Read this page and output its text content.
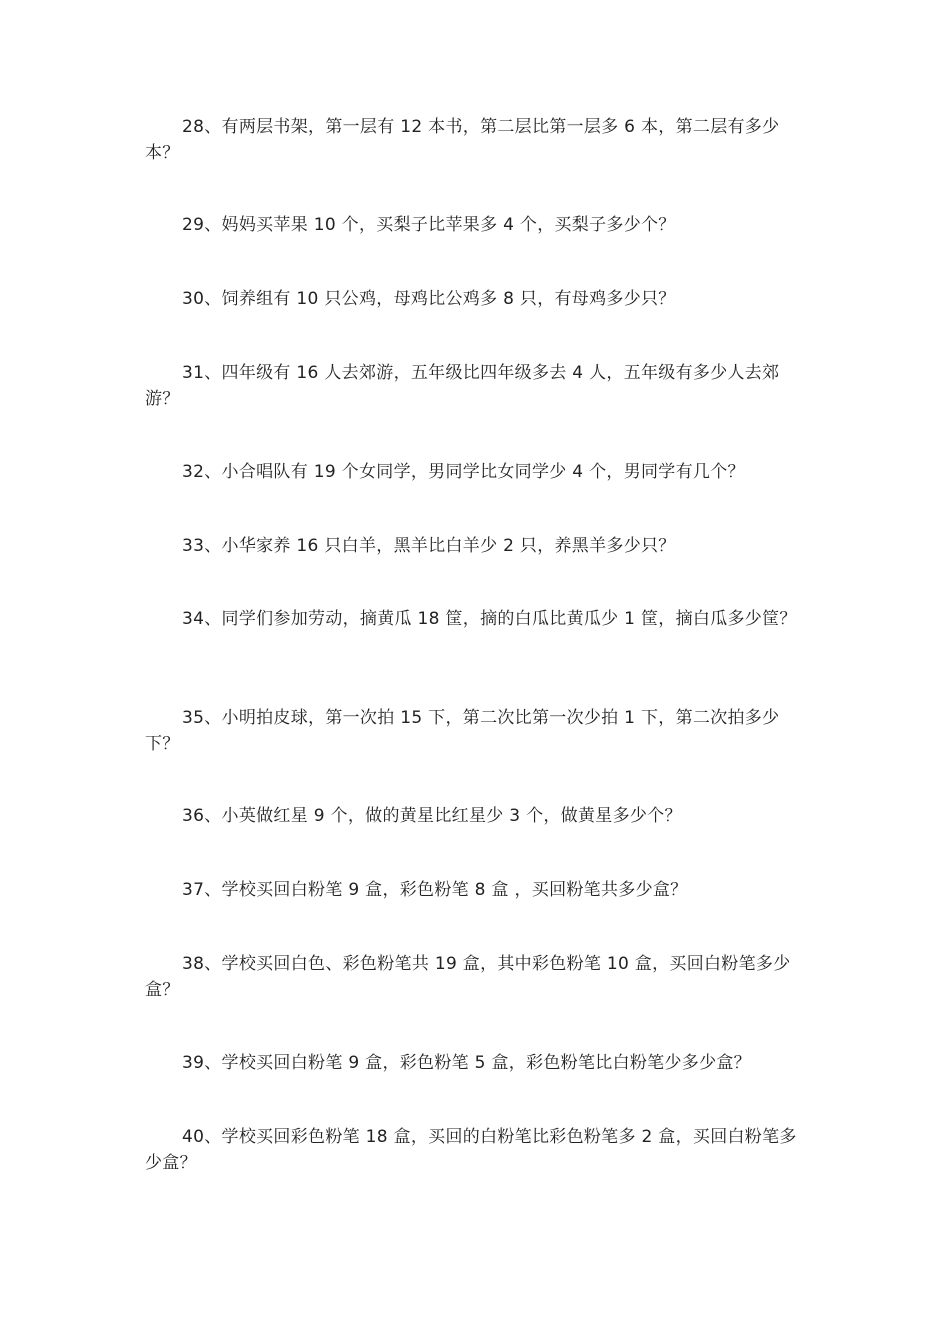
28、有两层书架，第一层有 12 本书，第二层比第一层多 6 本，第二层有多少本？

29、妈妈买苹果 10 个，买梨子比苹果多 4 个，买梨子多少个？

30、饲养组有 10 只公鸡，母鸡比公鸡多 8 只，有母鸡多少只？

31、四年级有 16 人去郊游，五年级比四年级多去 4 人，五年级有多少人去郊游？

32、小合唱队有 19 个女同学，男同学比女同学少 4 个，男同学有几个？

33、小华家养 16 只白羊，黑羊比白羊少 2 只，养黑羊多少只？

34、同学们参加劳动，摘黄瓜 18 筐，摘的白瓜比黄瓜少 1 筐，摘白瓜多少筐？

35、小明拍皮球，第一次拍 15 下，第二次比第一次少拍 1 下，第二次拍多少下？

36、小英做红星 9 个，做的黄星比红星少 3 个，做黄星多少个？

37、学校买回白粉笔 9 盒，彩色粉笔 8 盒 ，买回粉笔共多少盒？

38、学校买回白色、彩色粉笔共 19 盒，其中彩色粉笔 10 盒，买回白粉笔多少盒？

39、学校买回白粉笔 9 盒，彩色粉笔 5 盒，彩色粉笔比白粉笔少多少盒？

40、学校买回彩色粉笔 18 盒，买回的白粉笔比彩色粉笔多 2 盒，买回白粉笔多少盒？
